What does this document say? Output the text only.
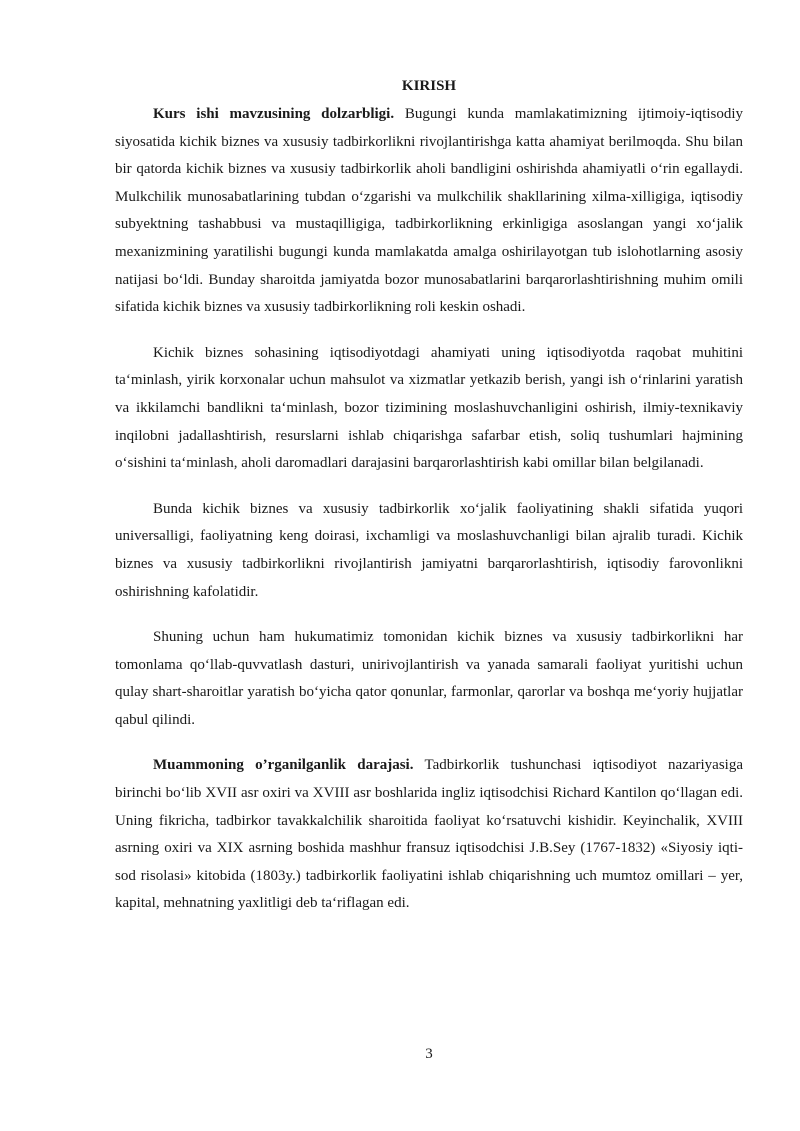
KIRISH

Kurs ishi mavzusining dolzarbligi. Bugungi kunda mamlakatimizning ijtimoiy-iqtisodiy siyosatida kichik biznes va xususiy tadbirkorlikni rivojlantirishga katta ahamiyat berilmoqda. Shu bilan bir qatorda kichik biznes va xususiy tadbirkorlik aholi bandligini oshirishda ahamiyatli o‘rin egallaydi. Mulkchilik munosabatlarining tubdan o‘zgarishi va mulkchilik shakllarining xilma-xilligiga, iqtisodiy subyektning tashabbusi va mustaqilligiga, tadbirkorlikning erkinligiga asoslangan yangi xo‘jalik mexanizmining yaratilishi bugungi kunda mamlakatda amalga oshirilayotgan tub islohotlarning asosiy natijasi bo‘ldi. Bunday sharoitda jamiyatda bozor munosabatlarini barqarorlashtirishning muhim omili sifatida kichik biznes va xususiy tadbirkorlikning roli keskin oshadi.

Kichik biznes sohasining iqtisodiyotdagi ahamiyati uning iqtisodiyotda raqobat muhitini ta‘minlash, yirik korxonalar uchun mahsulot va xizmatlar yetkazib berish, yangi ish o‘rinlarini yaratish va ikkilamchi bandlikni ta‘minlash, bozor tizimining moslashuvchanligini oshirish, ilmiy-texnikaviy inqilobni jadallashtirish, resurslarni ishlab chiqarishga safarbar etish, soliq tushumlari hajmining o‘sishini ta‘minlash, aholi daromadlari darajasini barqarorlashtirish kabi omillar bilan belgilanadi.

Bunda kichik biznes va xususiy tadbirkorlik xo‘jalik faoliyatining shakli sifatida yuqori universalligi, faoliyatning keng doirasi, ixchamligi va moslashuvchanligi bilan ajralib turadi. Kichik biznes va xususiy tadbirkorlikni rivojlantirish jamiyatni barqarorlashtirish, iqtisodiy farovonlikni oshirishning kafolatidir.

Shuning uchun ham hukumatimiz tomonidan kichik biznes va xususiy tadbirkorlikni har tomonlama qo‘llab-quvvatlash dasturi, unirivojlantirish va yanada samarali faoliyat yuritishi uchun qulay shart-sharoitlar yaratish bo‘yicha qator qonunlar, farmonlar, qarorlar va boshqa me‘yoriy hujjatlar qabul qilindi.

Muammoning o’rganilganlik darajasi. Tadbirkorlik tushunchasi iqtisodiyot nazariyasiga birinchi bo‘lib XVII asr oxiri va XVIII asr boshlarida ingliz iqtisodchisi Richard Kantilon qo‘llagan edi. Uning fikricha, tadbirkor tavakkalchilik sharoitida faoliyat ko‘rsatuvchi kishidir. Keyinchalik, XVIII asrning oxiri va XIX asrning boshida mashhur fransuz iqtisodchisi J.B.Sey (1767-1832) «Siyosiy iqti-sod risolasi» kitobida (1803y.) tadbirkorlik faoliyatini ishlab chiqarishning uch mumtoz omillari – yer, kapital, mehnatning yaxlitligi deb ta‘riflagan edi.

3
